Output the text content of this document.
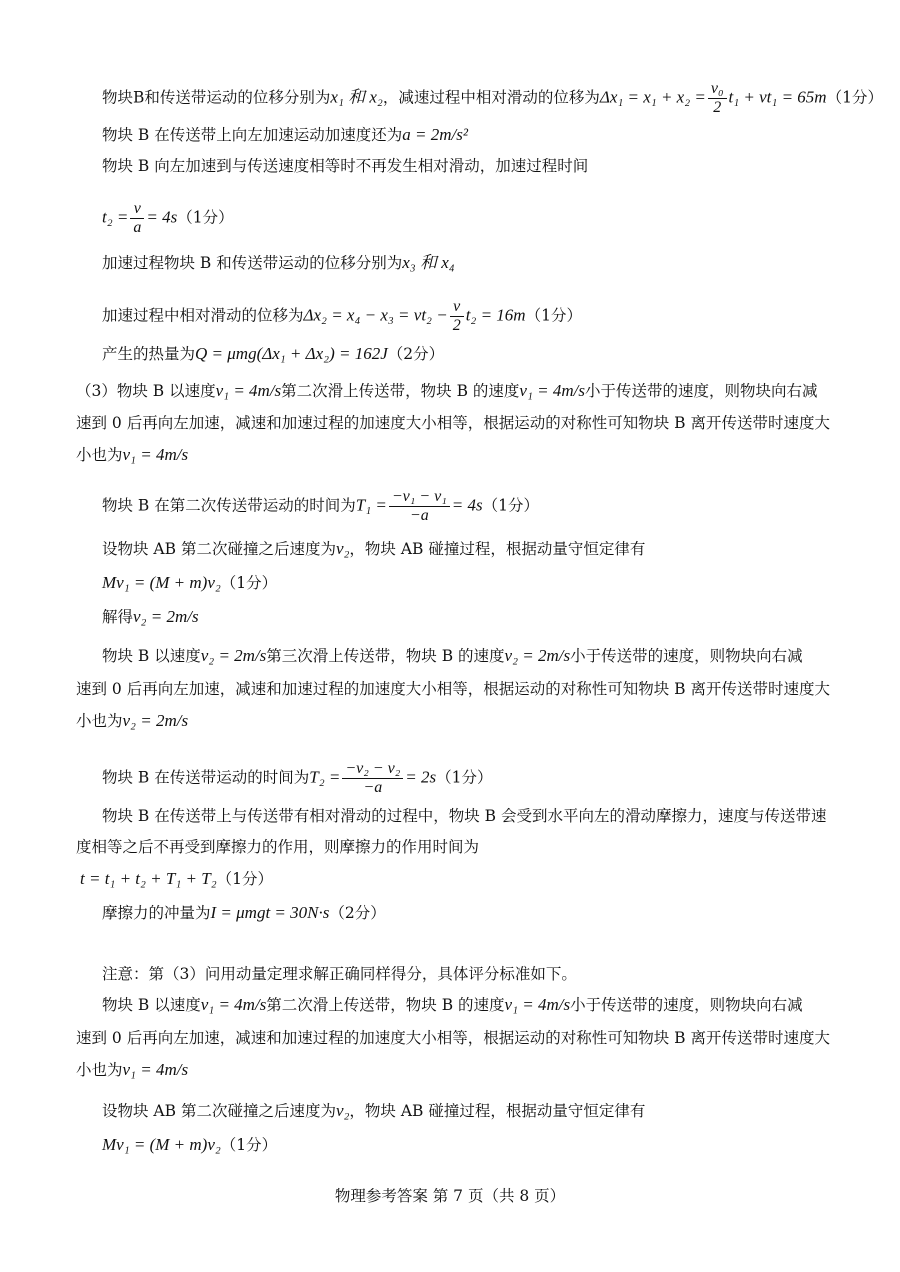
物块B和传送带运动的位移分别为x₁ 和 x₂，减速过程中相对滑动的位移为$\Delta x_1 = x_1 + x_2 = \frac{\text{v₀}}{2} t_1 + vt_1 = 65m(1$分）
物块 B 在传送带上向左加速运动加速度还为a = 2m/s²
物块 B 向左加速到与传送速度相等时不再发生相对滑动，加速过程时间
$t_2 = \frac{v}{a} = 4s(1$分）
加速过程物块 B 和传送带运动的位移分别为x₃ 和 x₄
加速过程中相对滑动的位移为$\Delta x_2 = x_4 - x_3 = vt_2 - \frac{v}{2} t_2 = 16m(1$分）
产生的热量为Q = μmg(Δx₁ + Δx₂) = 162J（2分）
（3）物块 B 以速度v₁ = 4m/s第二次滑上传送带，物块 B 的速度v₁ = 4m/s小于传送带的速度，则物块向右减
速到 0 后再向左加速，减速和加速过程的加速度大小相等，根据运动的对称性可知物块 B 离开传送带时速度大
小也为v₁ = 4m/s
物块 B 在第二次传送带运动的时间为$T_1 = \frac{\text{−v₁ − v₁}}{-a} = 4s(1$分）
设物块 AB 第二次碰撞之后速度为v₂，物块 AB 碰撞过程，根据动量守恒定律有
Mv₁ = (M + m)v₂（1分）
解得v₂ = 2m/s
物块 B 以速度v₂ = 2m/s第三次滑上传送带，物块 B 的速度v₂ = 2m/s小于传送带的速度，则物块向右减
速到 0 后再向左加速，减速和加速过程的加速度大小相等，根据运动的对称性可知物块 B 离开传送带时速度大
小也为v₂ = 2m/s
物块 B 在传送带运动的时间为$T_2 = \frac{\text{−v₂ − v₂}}{-a} = 2s(1$分）
物块 B 在传送带上与传送带有相对滑动的过程中，物块 B 会受到水平向左的滑动摩擦力，速度与传送带速
度相等之后不再受到摩擦力的作用，则摩擦力的作用时间为
t = t₁ + t₂ + T₁ + T₂（1分）
摩擦力的冲量为I = μmgt = 30N·s（2分）
注意：第（3）问用动量定理求解正确同样得分，具体评分标准如下。
物块 B 以速度v₁ = 4m/s第二次滑上传送带，物块 B 的速度v₁ = 4m/s小于传送带的速度，则物块向右减
速到 0 后再向左加速，减速和加速过程的加速度大小相等，根据运动的对称性可知物块 B 离开传送带时速度大
小也为v₁ = 4m/s
设物块 AB 第二次碰撞之后速度为v₂，物块 AB 碰撞过程，根据动量守恒定律有
Mv₁ = (M + m)v₂（1分）
物理参考答案 第 7 页（共 8 页）
